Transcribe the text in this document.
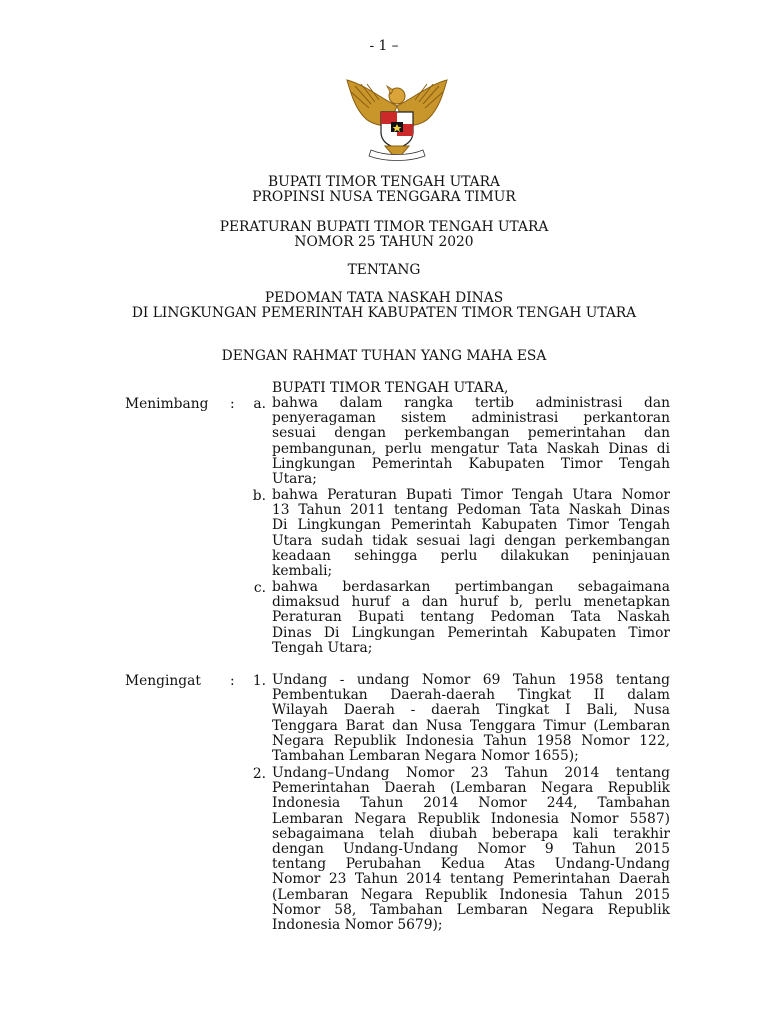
- 1 –
BUPATI TIMOR TENGAH UTARA
PROPINSI NUSA TENGGARA TIMUR
PERATURAN BUPATI TIMOR TENGAH UTARA
NOMOR 25 TAHUN 2020
TENTANG
PEDOMAN TATA NASKAH DINAS
DI LINGKUNGAN PEMERINTAH KABUPATEN TIMOR TENGAH UTARA
DENGAN RAHMAT TUHAN YANG MAHA ESA
BUPATI TIMOR TENGAH UTARA,
Menimbang :	a. bahwa dalam rangka tertib administrasi dan
penyeragaman sistem administrasi perkantoran
sesuai dengan perkembangan pemerintahan dan
pembangunan, perlu mengatur Tata Naskah Dinas di
Lingkungan Pemerintah Kabupaten Timor Tengah
Utara;
b. bahwa Peraturan Bupati Timor Tengah Utara Nomor
13 Tahun 2011 tentang Pedoman Tata Naskah Dinas
Di Lingkungan Pemerintah Kabupaten Timor Tengah
Utara sudah tidak sesuai lagi dengan perkembangan
keadaan sehingga perlu dilakukan peninjauan
kembali;
c. bahwa berdasarkan pertimbangan sebagaimana
dimaksud huruf a dan huruf b, perlu menetapkan
Peraturan Bupati tentang Pedoman Tata Naskah
Dinas Di Lingkungan Pemerintah Kabupaten Timor
Tengah Utara;
Mengingat :	1. Undang - undang Nomor 69 Tahun 1958 tentang
Pembentukan Daerah-daerah Tingkat II dalam
Wilayah Daerah - daerah Tingkat I Bali, Nusa
Tenggara Barat dan Nusa Tenggara Timur (Lembaran
Negara Republik Indonesia Tahun 1958 Nomor 122,
Tambahan Lembaran Negara Nomor 1655);
2. Undang–Undang Nomor 23 Tahun 2014 tentang
Pemerintahan Daerah (Lembaran Negara Republik
Indonesia Tahun 2014 Nomor 244, Tambahan
Lembaran Negara Republik Indonesia Nomor 5587)
sebagaimana telah diubah beberapa kali terakhir
dengan Undang-Undang Nomor 9 Tahun 2015
tentang Perubahan Kedua Atas Undang-Undang
Nomor 23 Tahun 2014 tentang Pemerintahan Daerah
(Lembaran Negara Republik Indonesia Tahun 2015
Nomor 58, Tambahan Lembaran Negara Republik
Indonesia Nomor 5679);
